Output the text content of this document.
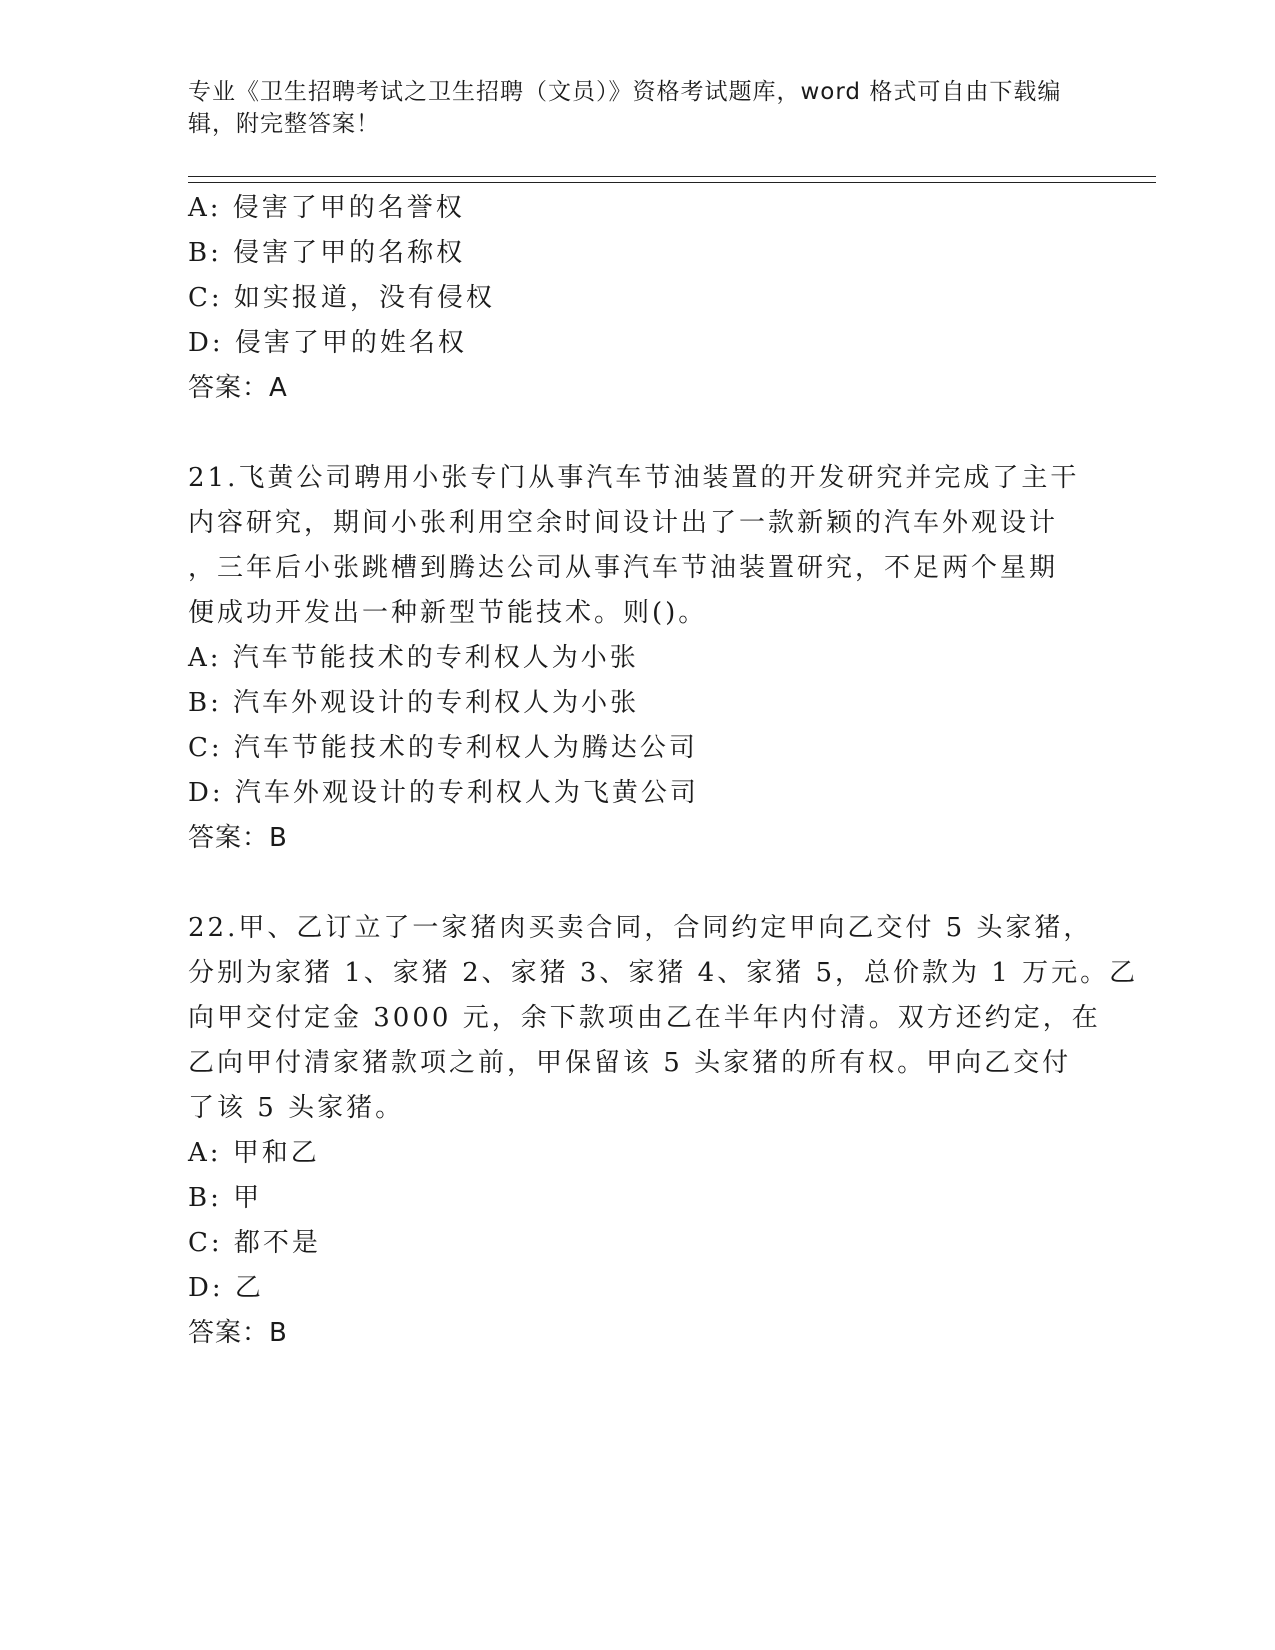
专业《卫生招聘考试之卫生招聘（文员）》资格考试题库，word 格式可自由下载编辑，附完整答案！
A: 侵害了甲的名誉权
B: 侵害了甲的名称权
C: 如实报道，没有侵权
D: 侵害了甲的姓名权
答案：A
21.飞黄公司聘用小张专门从事汽车节油装置的开发研究并完成了主干
内容研究，期间小张利用空余时间设计出了一款新颖的汽车外观设计
，三年后小张跳槽到腾达公司从事汽车节油装置研究，不足两个星期
便成功开发出一种新型节能技术。则()。
A: 汽车节能技术的专利权人为小张
B: 汽车外观设计的专利权人为小张
C: 汽车节能技术的专利权人为腾达公司
D: 汽车外观设计的专利权人为飞黄公司
答案：B
22.甲、乙订立了一家猪肉买卖合同，合同约定甲向乙交付 5 头家猪，
分别为家猪 1、家猪 2、家猪 3、家猪 4、家猪 5，总价款为 1 万元。乙
向甲交付定金 3000 元，余下款项由乙在半年内付清。双方还约定，在
乙向甲付清家猪款项之前，甲保留该 5 头家猪的所有权。甲向乙交付
了该 5 头家猪。
A: 甲和乙
B: 甲
C: 都不是
D: 乙
答案：B
